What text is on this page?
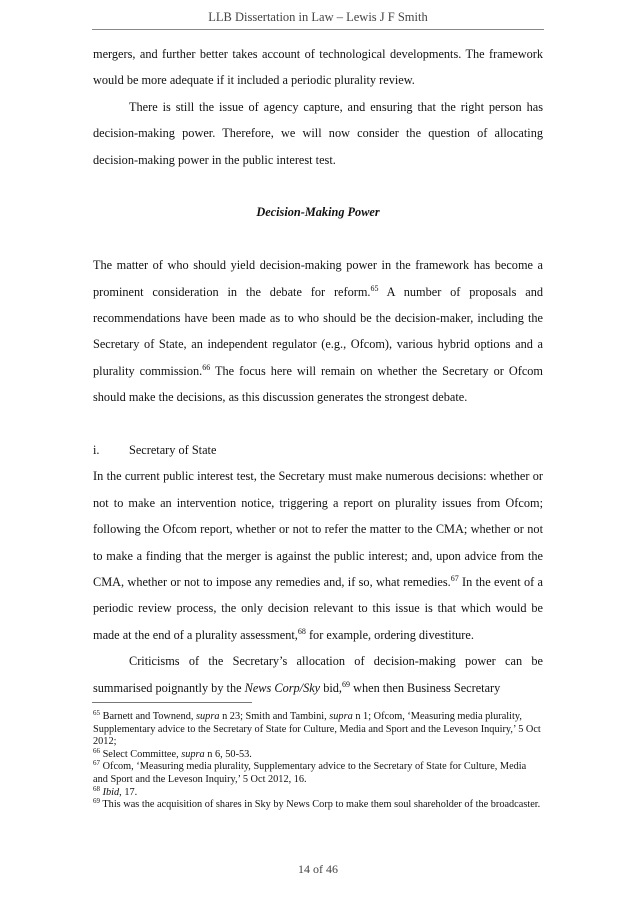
LLB Dissertation in Law – Lewis J F Smith

mergers, and further better takes account of technological developments. The framework would be more adequate if it included a periodic plurality review.

There is still the issue of agency capture, and ensuring that the right person has decision-making power. Therefore, we will now consider the question of allocating decision-making power in the public interest test.

Decision-Making Power

The matter of who should yield decision-making power in the framework has become a prominent consideration in the debate for reform.$^{65}$ A number of proposals and recommendations have been made as to who should be the decision-maker, including the Secretary of State, an independent regulator (e.g., Ofcom), various hybrid options and a plurality commission.$^{66}$ The focus here will remain on whether the Secretary or Ofcom should make the decisions, as this discussion generates the strongest debate.

i. Secretary of State

In the current public interest test, the Secretary must make numerous decisions: whether or not to make an intervention notice, triggering a report on plurality issues from Ofcom; following the Ofcom report, whether or not to refer the matter to the CMA; whether or not to make a finding that the merger is against the public interest; and, upon advice from the CMA, whether or not to impose any remedies and, if so, what remedies.$^{67}$ In the event of a periodic review process, the only decision relevant to this issue is that which would be made at the end of a plurality assessment,$^{68}$ for example, ordering divestiture.

Criticisms of the Secretary’s allocation of decision-making power can be summarised poignantly by the News Corp/Sky bid,$^{69}$ when then Business Secretary

$^{65}$ Barnett and Townend, supra n 23; Smith and Tambini, supra n 1; Ofcom, ‘Measuring media plurality, Supplementary advice to the Secretary of State for Culture, Media and Sport and the Leveson Inquiry,’ 5 Oct 2012;

$^{66}$ Select Committee, supra n 6, 50-53.

$^{67}$ Ofcom, ‘Measuring media plurality, Supplementary advice to the Secretary of State for Culture, Media and Sport and the Leveson Inquiry,’ 5 Oct 2012, 16.

$^{68}$ Ibid, 17.

$^{69}$ This was the acquisition of shares in Sky by News Corp to make them soul shareholder of the broadcaster.

14 of 46
